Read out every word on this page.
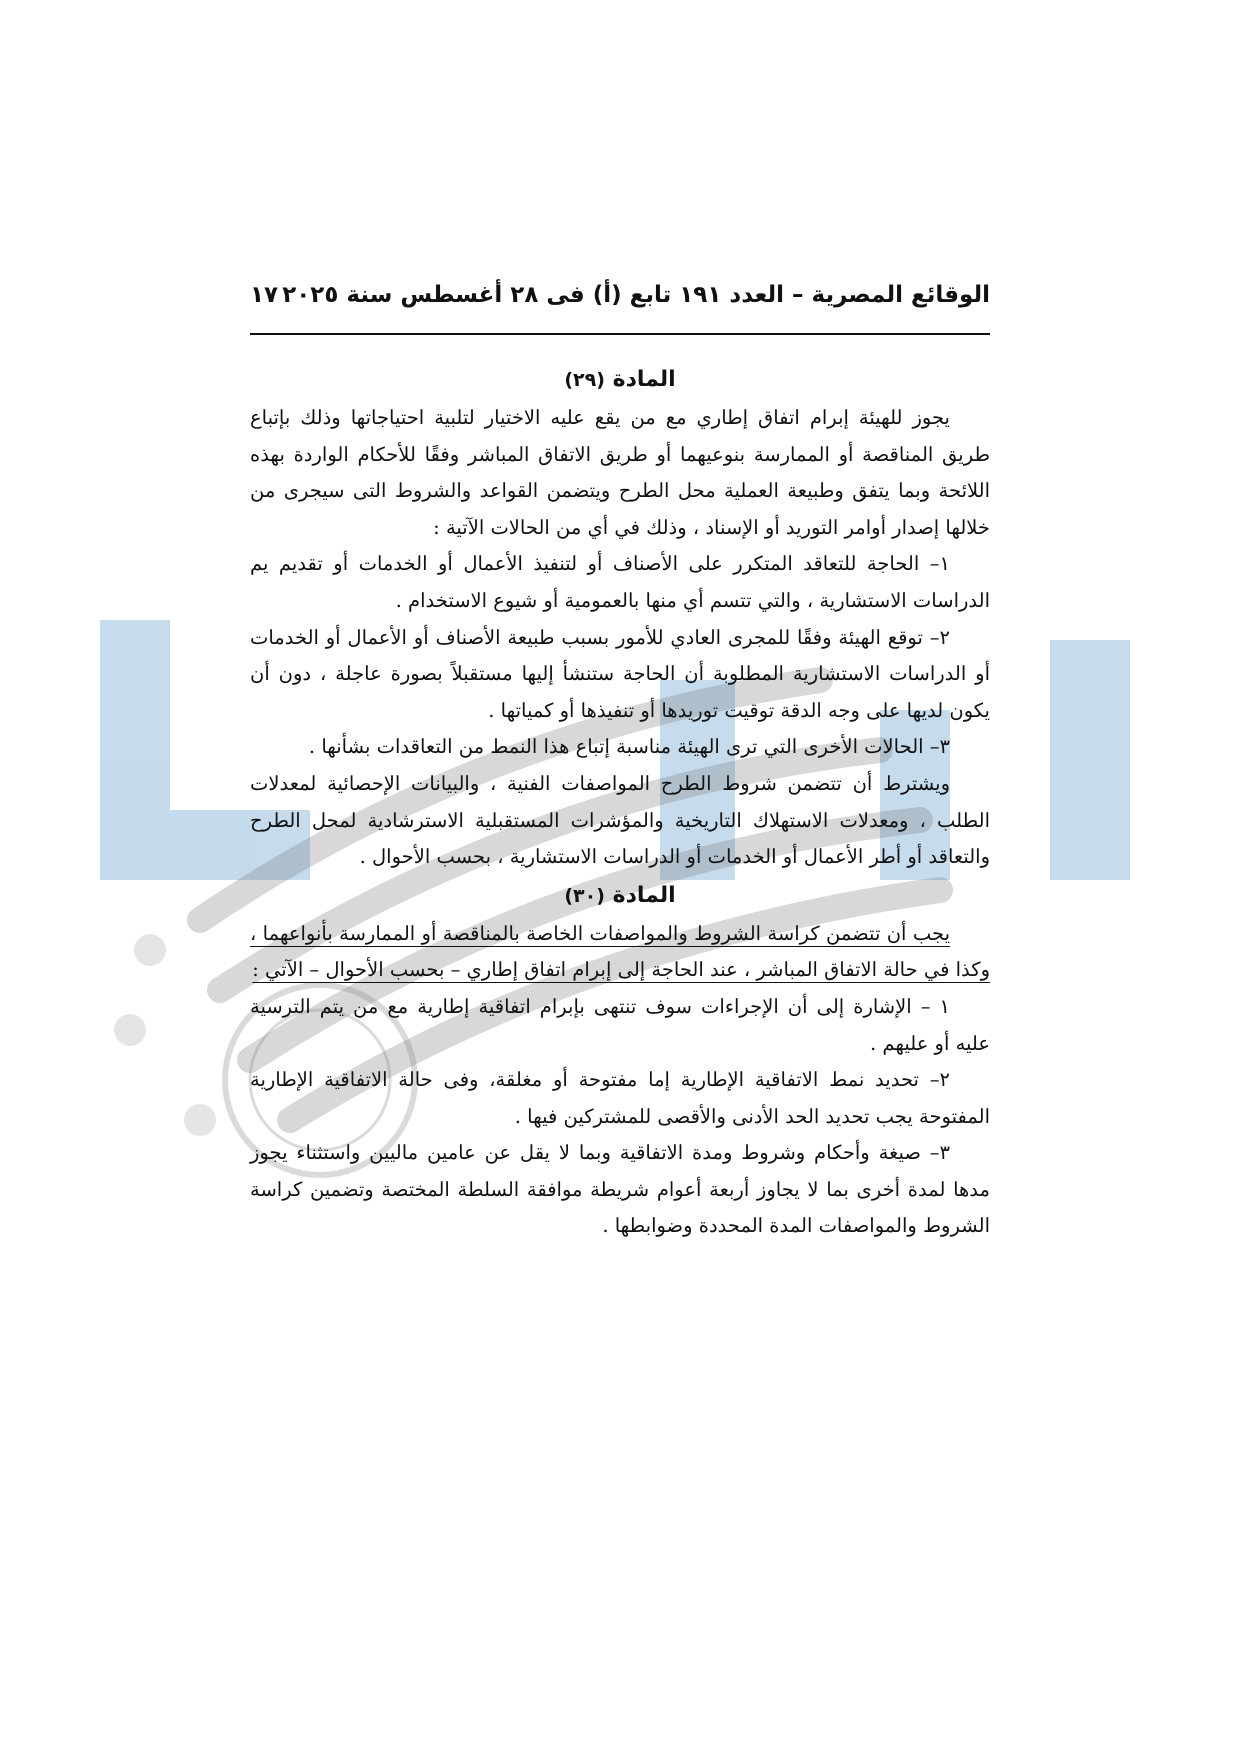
الوقائع المصرية – العدد ١٩١ تابع (أ) فى ٢٨ أغسطس سنة ٢٠٢٥
١٧
المادة (٢٩)

يجوز للهيئة إبرام اتفاق إطاري مع من يقع عليه الاختيار لتلبية احتياجاتها وذلك بإتباع طريق المناقصة أو الممارسة بنوعيهما أو طريق الاتفاق المباشر وفقًا للأحكام الواردة بهذه اللائحة وبما يتفق وطبيعة العملية محل الطرح ويتضمن القواعد والشروط التى سيجرى من خلالها إصدار أوامر التوريد أو الإسناد ، وذلك في أي من الحالات الآتية :

١– الحاجة للتعاقد المتكرر على الأصناف أو لتنفيذ الأعمال أو الخدمات أو تقديم يم الدراسات الاستشارية ، والتي تتسم أي منها بالعمومية أو شيوع الاستخدام .

٢– توقع الهيئة وفقًا للمجرى العادي للأمور بسبب طبيعة الأصناف أو الأعمال أو الخدمات أو الدراسات الاستشارية المطلوبة أن الحاجة ستنشأ إليها مستقبلاً بصورة عاجلة ، دون أن يكون لديها على وجه الدقة توقيت توريدها أو تنفيذها أو كمياتها .

٣– الحالات الأخرى التي ترى الهيئة مناسبة إتباع هذا النمط من التعاقدات بشأنها .

ويشترط أن تتضمن شروط الطرح المواصفات الفنية ، والبيانات الإحصائية لمعدلات الطلب ، ومعدلات الاستهلاك التاريخية والمؤشرات المستقبلية الاسترشادية لمحل الطرح والتعاقد أو أطر الأعمال أو الخدمات أو الدراسات الاستشارية ، بحسب الأحوال .

المادة (٣٠)

يجب أن تتضمن كراسة الشروط والمواصفات الخاصة بالمناقصة أو الممارسة بأنواعهما ، وكذا في حالة الاتفاق المباشر ، عند الحاجة إلى إبرام اتفاق إطاري – بحسب الأحوال – الآتي :

١ – الإشارة إلى أن الإجراءات سوف تنتهى بإبرام اتفاقية إطارية مع من يتم الترسية عليه أو عليهم .

٢– تحديد نمط الاتفاقية الإطارية إما مفتوحة أو مغلقة، وفى حالة الاتفاقية الإطارية المفتوحة يجب تحديد الحد الأدنى والأقصى للمشتركين فيها .

٣– صيغة وأحكام وشروط ومدة الاتفاقية وبما لا يقل عن عامين ماليين واستثناء يجوز مدها لمدة أخرى بما لا يجاوز أربعة أعوام شريطة موافقة السلطة المختصة وتضمين كراسة الشروط والمواصفات المدة المحددة وضوابطها .
